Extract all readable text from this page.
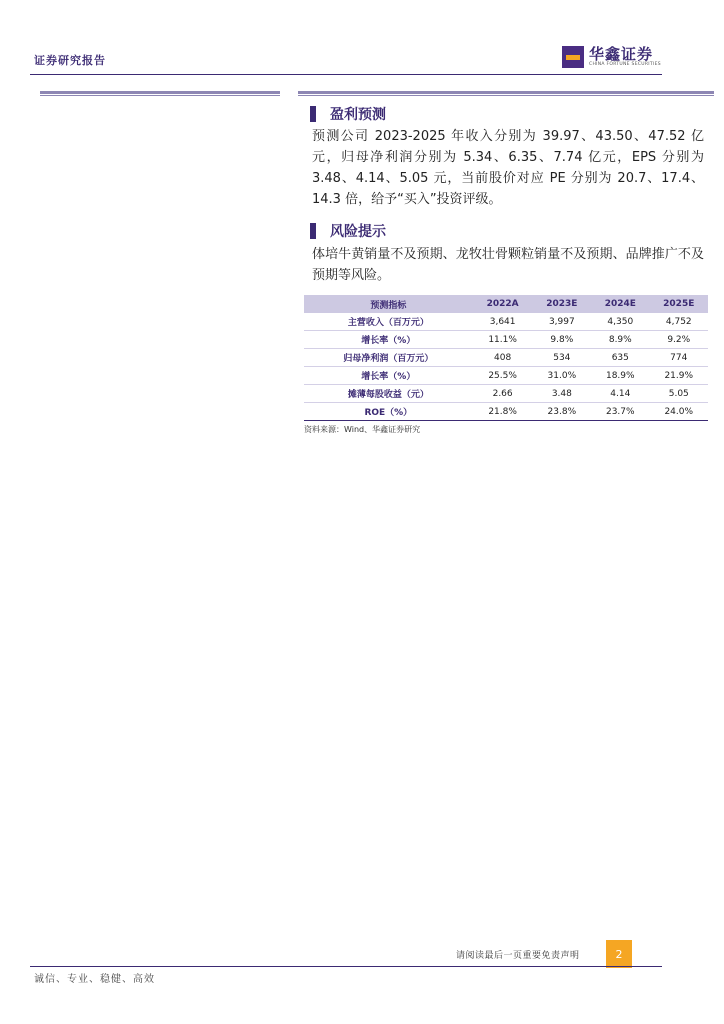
证券研究报告	华鑫证券
CHINA FORTUNE SECURITIES
盈利预测
预测公司 2023-2025 年收入分别为 39.97、43.50、47.52 亿元，归母净利润分别为 5.34、6.35、7.74 亿元，EPS 分别为 3.48、4.14、5.05 元，当前股价对应 PE 分别为 20.7、17.4、14.3 倍，给予“买入”投资评级。
风险提示
体培牛黄销量不及预期、龙牧壮骨颗粒销量不及预期、品牌推广不及预期等风险。
预测指标	2022A	2023E	2024E	2025E
主营收入（百万元）	3,641	3,997	4,350	4,752
增长率（%）	11.1%	9.8%	8.9%	9.2%
归母净利润（百万元）	408	534	635	774
增长率（%）	25.5%	31.0%	18.9%	21.9%
摊薄每股收益（元）	2.66	3.48	4.14	5.05
ROE（%）	21.8%	23.8%	23.7%	24.0%
资料来源：Wind、华鑫证券研究
请阅读最后一页重要免责声明	2
诚信、专业、稳健、高效
